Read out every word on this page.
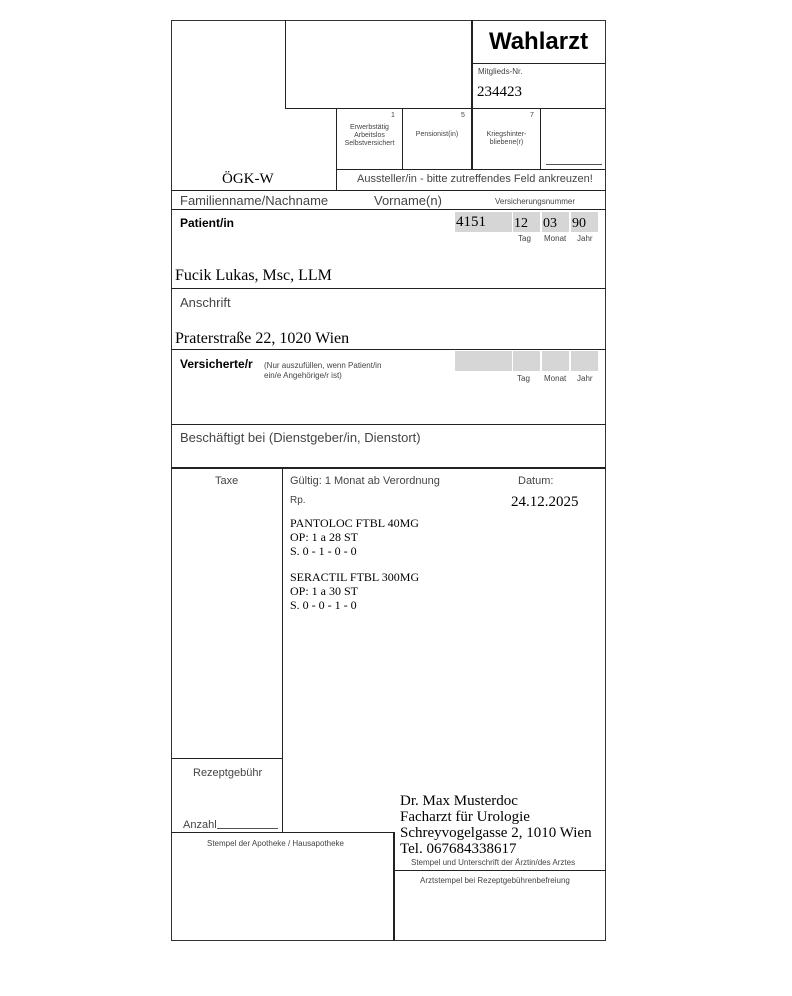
Wahlarzt
Mitglieds-Nr.
234423
1
Erwerbstätig
Arbeitslos
Selbstversichert
5
Pensionist(in)
7
Kriegshinter-
bliebene(r)
ÖGK-W	Aussteller/in - bitte zutreffendes Feld ankreuzen!
Familienname/Nachname	Vorname(n)	Versicherungsnummer
Patient/in	4151 12 03 90
Tag Monat Jahr
Fucik Lukas, Msc, LLM
Anschrift
Praterstraße 22, 1020 Wien
Versicherte/r (Nur auszufüllen, wenn Patient/in
ein/e Angehörige/r ist)	Tag Monat Jahr
Beschäftigt bei (Dienstgeber/in, Dienstort)
Taxe	Gültig: 1 Monat ab Verordnung	Datum:
24.12.2025
Rp.
PANTOLOC FTBL 40MG
OP: 1 a 28 ST
S. 0 - 1 - 0 - 0
SERACTIL FTBL 300MG
OP: 1 a 30 ST
S. 0 - 0 - 1 - 0
Rezeptgebühr
Anzahl
Dr. Max Musterdoc
Facharzt für Urologie
Schreyvogelgasse 2, 1010 Wien
Tel. 067684338617
Stempel und Unterschrift der Ärztin/des Arztes
Stempel der Apotheke / Hausapotheke
Arztstempel bei Rezeptgebührenbefreiung
